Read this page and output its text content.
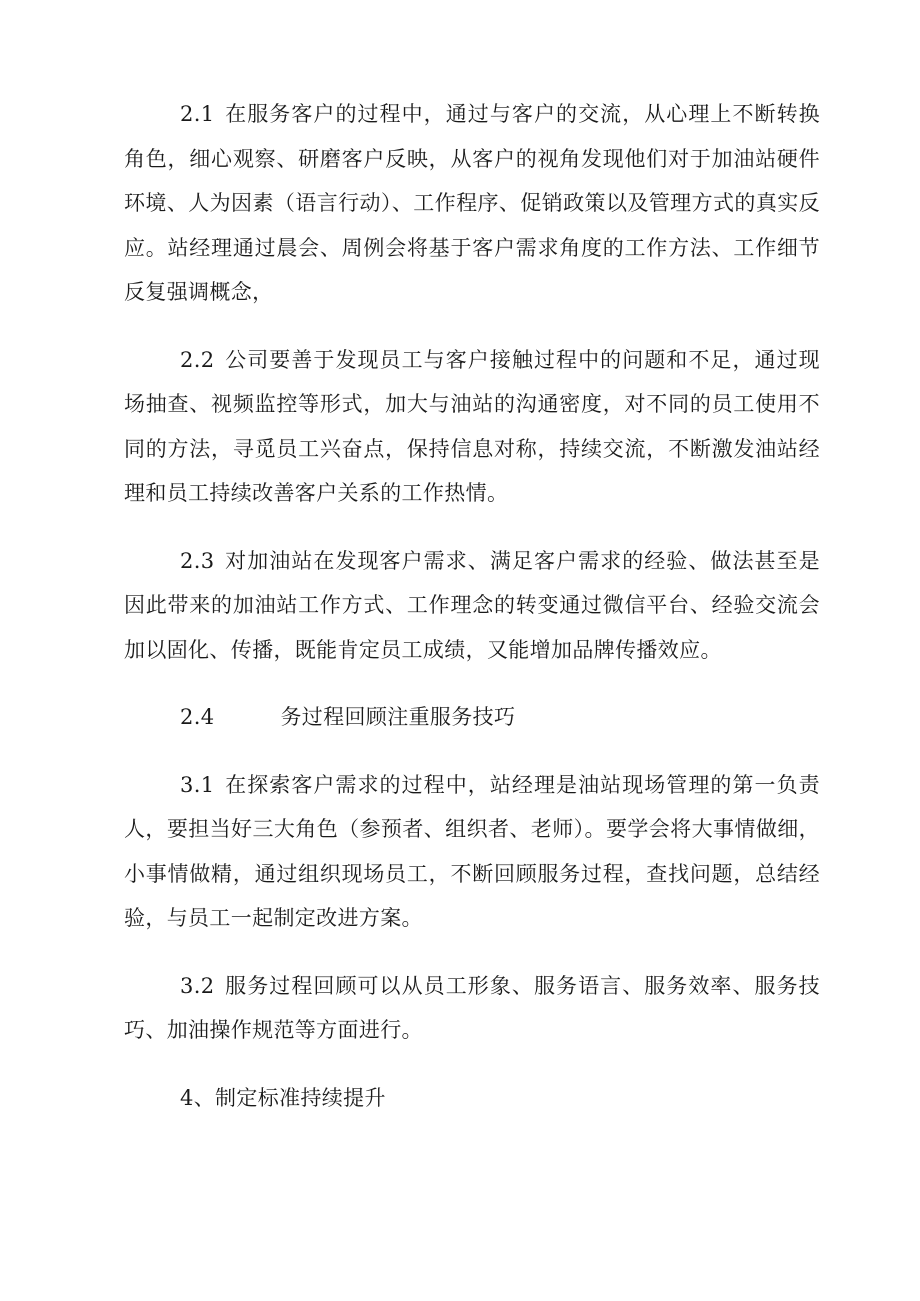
2.1 在服务客户的过程中，通过与客户的交流，从心理上不断转换角色，细心观察、研磨客户反映，从客户的视角发现他们对于加油站硬件环境、人为因素（语言行动）、工作程序、促销政策以及管理方式的真实反应。站经理通过晨会、周例会将基于客户需求角度的工作方法、工作细节反复强调概念，

2.2 公司要善于发现员工与客户接触过程中的问题和不足，通过现场抽查、视频监控等形式，加大与油站的沟通密度，对不同的员工使用不同的方法，寻觅员工兴奋点，保持信息对称，持续交流，不断激发油站经理和员工持续改善客户关系的工作热情。

2.3 对加油站在发现客户需求、满足客户需求的经验、做法甚至是因此带来的加油站工作方式、工作理念的转变通过微信平台、经验交流会加以固化、传播，既能肯定员工成绩，又能增加品牌传播效应。

2.4	务过程回顾注重服务技巧

3.1 在探索客户需求的过程中，站经理是油站现场管理的第一负责人，要担当好三大角色（参预者、组织者、老师）。要学会将大事情做细，小事情做精，通过组织现场员工，不断回顾服务过程，查找问题，总结经验，与员工一起制定改进方案。

3.2 服务过程回顾可以从员工形象、服务语言、服务效率、服务技巧、加油操作规范等方面进行。

4、制定标准持续提升
